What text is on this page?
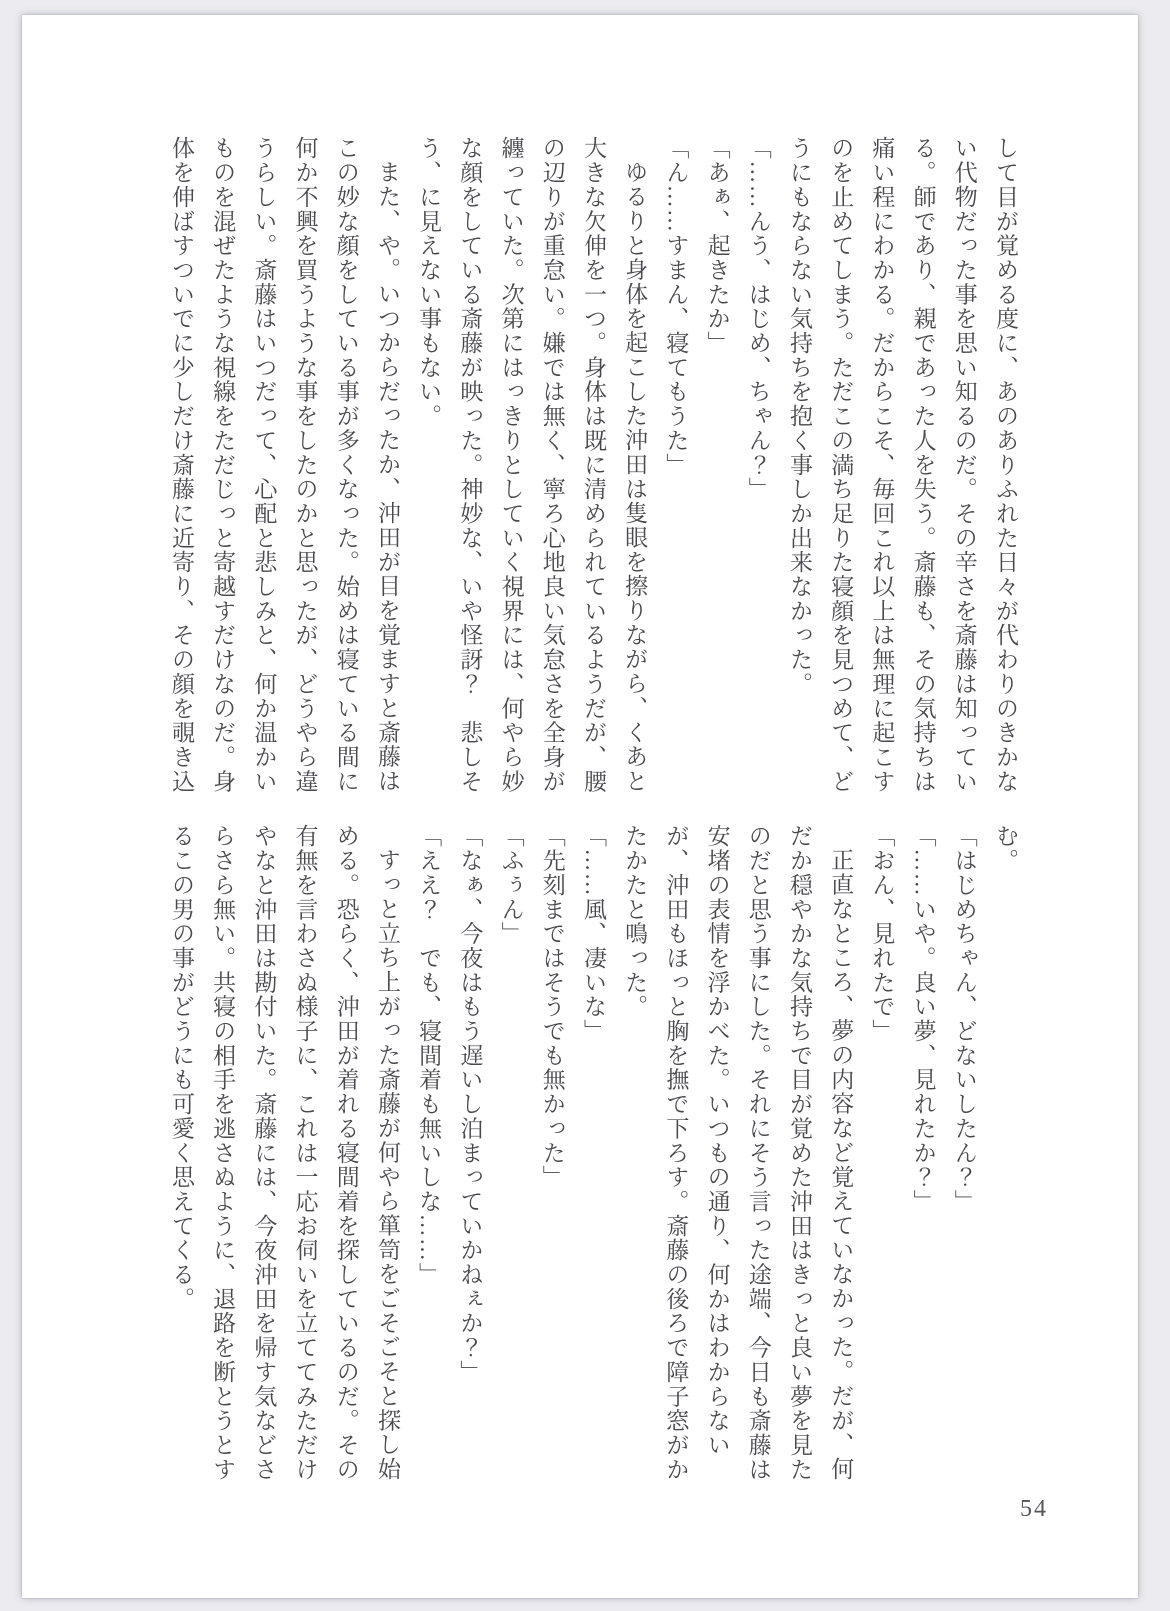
して目が覚める度に、あのありふれた日々が代わりのきかない代物だった事を思い知るのだ。その辛さを斎藤は知っている。師であり、親であった人を失う。斎藤も、その気持ちは痛い程にわかる。だからこそ、毎回これ以上は無理に起こすのを止めてしまう。ただこの満ち足りた寝顔を見つめて、どうにもならない気持ちを抱く事しか出来なかった。

「……んう、はじめ、ちゃん？」

「あぁ、起きたか」

「ん……すまん、寝てもうた」

ゆるりと身体を起こした沖田は隻眼を擦りながら、くあと大きな欠伸を一つ。身体は既に清められているようだが、腰の辺りが重怠い。嫌では無く、寧ろ心地良い気怠さを全身が纏っていた。次第にはっきりとしていく視界には、何やら妙な顔をしている斎藤が映った。神妙な、いや怪訝？　悲しそう、に見えない事もない。

また、や。いつからだったか、沖田が目を覚ますと斎藤はこの妙な顔をしている事が多くなった。始めは寝ている間に何か不興を買うような事をしたのかと思ったが、どうやら違うらしい。斎藤はいつだって、心配と悲しみと、何か温かいものを混ぜたような視線をただじっと寄越すだけなのだ。身体を伸ばすついでに少しだけ斎藤に近寄り、その顔を覗き込

む。

「はじめちゃん、どないしたん？」

「……いや。良い夢、見れたか？」

「おん、見れたで」

正直なところ、夢の内容など覚えていなかった。だが、何だか穏やかな気持ちで目が覚めた沖田はきっと良い夢を見たのだと思う事にした。それにそう言った途端、今日も斎藤は安堵の表情を浮かべた。いつもの通り、何かはわからないが、沖田もほっと胸を撫で下ろす。斎藤の後ろで障子窓がかたかたと鳴った。

「……風、凄いな」

「先刻まではそうでも無かった」

「ふぅん」

「なぁ、今夜はもう遅いし泊まっていかねぇか？」

「ええ？　でも、寝間着も無いしな……」

すっと立ち上がった斎藤が何やら箪笥をごそごそと探し始める。恐らく、沖田が着れる寝間着を探しているのだ。その有無を言わさぬ様子に、これは一応お伺いを立ててみただけやなと沖田は勘付いた。斎藤には、今夜沖田を帰す気などさらさら無い。共寝の相手を逃さぬように、退路を断とうとするこの男の事がどうにも可愛く思えてくる。

54
